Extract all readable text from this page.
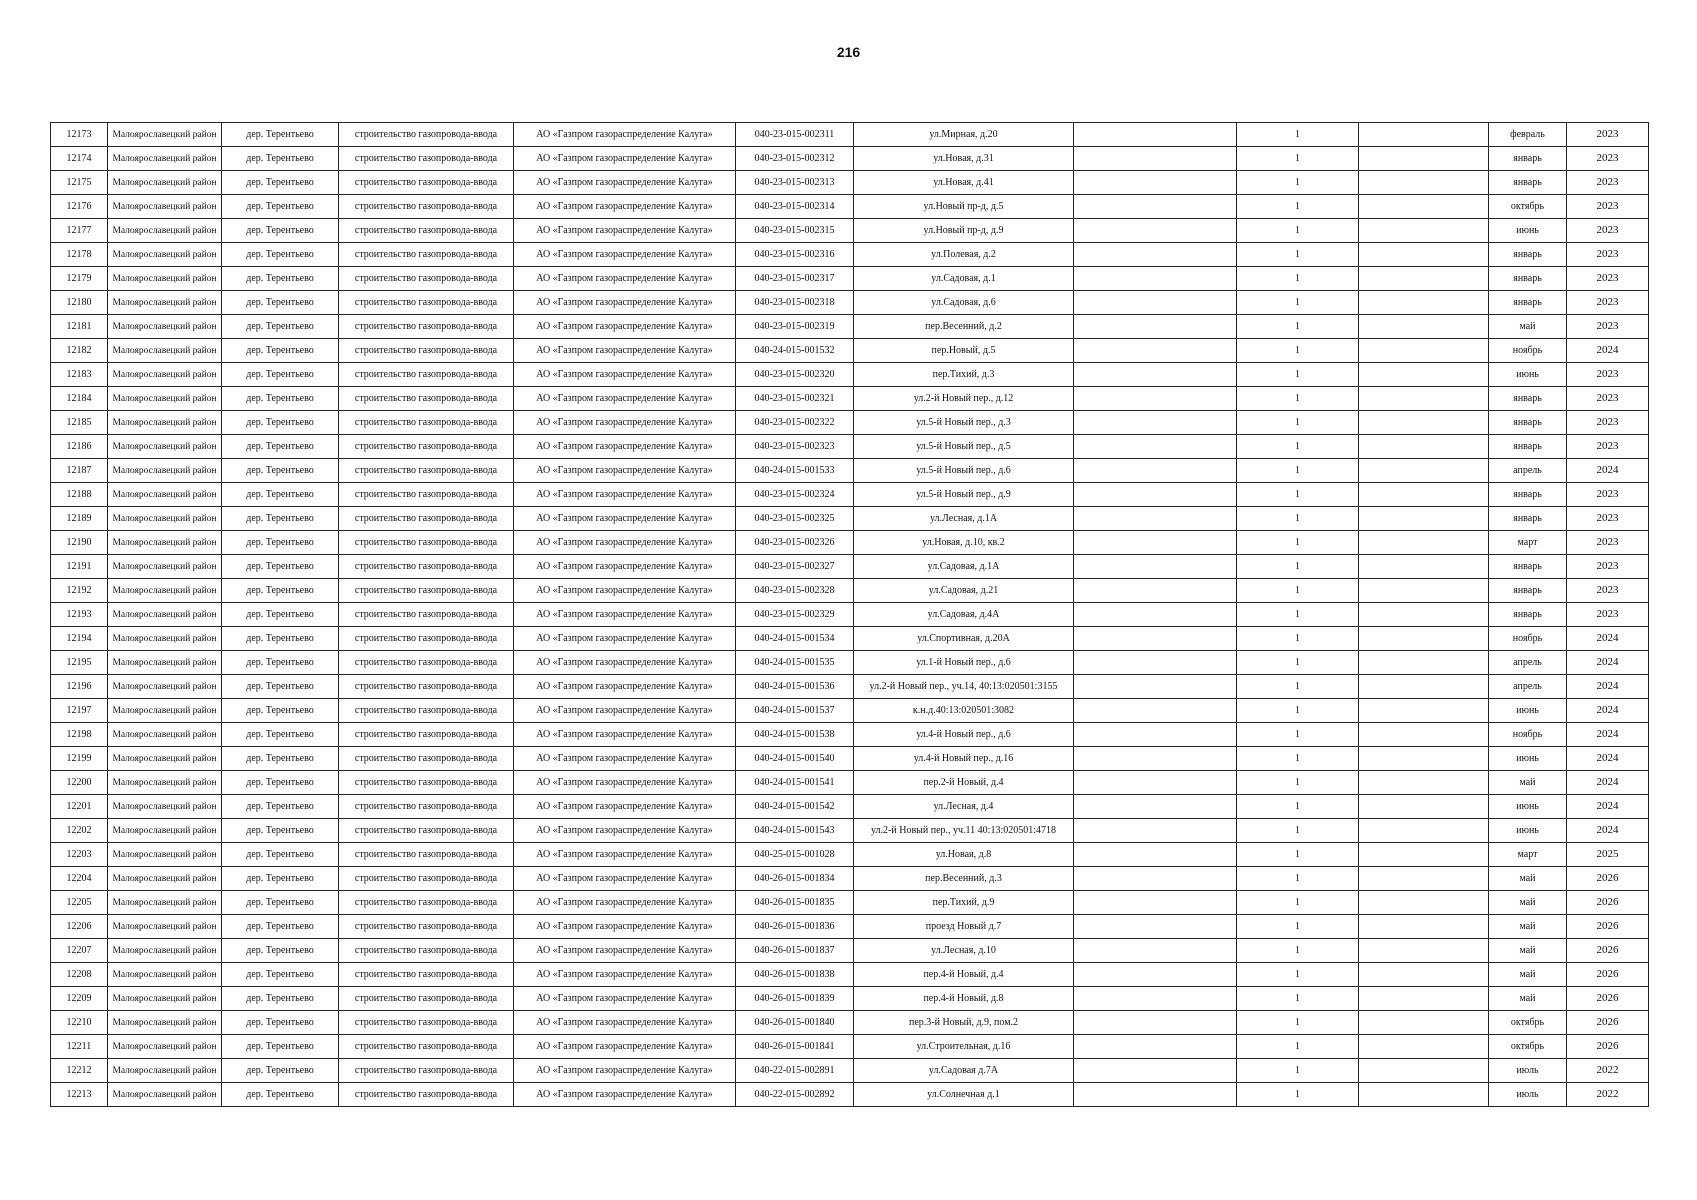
216
12173	Малоярославецкий район	дер. Терентьево	строительство газопровода-ввода	АО «Газпром газораспределение Калуга»	040-23-015-002311	ул.Мирная, д.20		1		февраль	2023
12174	Малоярославецкий район	дер. Терентьево	строительство газопровода-ввода	АО «Газпром газораспределение Калуга»	040-23-015-002312	ул.Новая, д.31		1		январь	2023
12175	Малоярославецкий район	дер. Терентьево	строительство газопровода-ввода	АО «Газпром газораспределение Калуга»	040-23-015-002313	ул.Новая, д.41		1		январь	2023
12176	Малоярославецкий район	дер. Терентьево	строительство газопровода-ввода	АО «Газпром газораспределение Калуга»	040-23-015-002314	ул.Новый пр-д, д.5		1		октябрь	2023
12177	Малоярославецкий район	дер. Терентьево	строительство газопровода-ввода	АО «Газпром газораспределение Калуга»	040-23-015-002315	ул.Новый пр-д, д.9		1		июнь	2023
12178	Малоярославецкий район	дер. Терентьево	строительство газопровода-ввода	АО «Газпром газораспределение Калуга»	040-23-015-002316	ул.Полевая, д.2		1		январь	2023
12179	Малоярославецкий район	дер. Терентьево	строительство газопровода-ввода	АО «Газпром газораспределение Калуга»	040-23-015-002317	ул.Садовая, д.1		1		январь	2023
12180	Малоярославецкий район	дер. Терентьево	строительство газопровода-ввода	АО «Газпром газораспределение Калуга»	040-23-015-002318	ул.Садовая, д.6		1		январь	2023
12181	Малоярославецкий район	дер. Терентьево	строительство газопровода-ввода	АО «Газпром газораспределение Калуга»	040-23-015-002319	пер.Весенний, д.2		1		май	2023
12182	Малоярославецкий район	дер. Терентьево	строительство газопровода-ввода	АО «Газпром газораспределение Калуга»	040-24-015-001532	пер.Новый, д.5		1		ноябрь	2024
12183	Малоярославецкий район	дер. Терентьево	строительство газопровода-ввода	АО «Газпром газораспределение Калуга»	040-23-015-002320	пер.Тихий, д.3		1		июнь	2023
12184	Малоярославецкий район	дер. Терентьево	строительство газопровода-ввода	АО «Газпром газораспределение Калуга»	040-23-015-002321	ул.2-й Новый пер., д.12		1		январь	2023
12185	Малоярославецкий район	дер. Терентьево	строительство газопровода-ввода	АО «Газпром газораспределение Калуга»	040-23-015-002322	ул.5-й Новый пер., д.3		1		январь	2023
12186	Малоярославецкий район	дер. Терентьево	строительство газопровода-ввода	АО «Газпром газораспределение Калуга»	040-23-015-002323	ул.5-й Новый пер., д.5		1		январь	2023
12187	Малоярославецкий район	дер. Терентьево	строительство газопровода-ввода	АО «Газпром газораспределение Калуга»	040-24-015-001533	ул.5-й Новый пер., д.6		1		апрель	2024
12188	Малоярославецкий район	дер. Терентьево	строительство газопровода-ввода	АО «Газпром газораспределение Калуга»	040-23-015-002324	ул.5-й Новый пер., д.9		1		январь	2023
12189	Малоярославецкий район	дер. Терентьево	строительство газопровода-ввода	АО «Газпром газораспределение Калуга»	040-23-015-002325	ул.Лесная, д.1А		1		январь	2023
12190	Малоярославецкий район	дер. Терентьево	строительство газопровода-ввода	АО «Газпром газораспределение Калуга»	040-23-015-002326	ул.Новая, д.10, кв.2		1		март	2023
12191	Малоярославецкий район	дер. Терентьево	строительство газопровода-ввода	АО «Газпром газораспределение Калуга»	040-23-015-002327	ул.Садовая, д.1А		1		январь	2023
12192	Малоярославецкий район	дер. Терентьево	строительство газопровода-ввода	АО «Газпром газораспределение Калуга»	040-23-015-002328	ул.Садовая, д.21		1		январь	2023
12193	Малоярославецкий район	дер. Терентьево	строительство газопровода-ввода	АО «Газпром газораспределение Калуга»	040-23-015-002329	ул.Садовая, д.4А		1		январь	2023
12194	Малоярославецкий район	дер. Терентьево	строительство газопровода-ввода	АО «Газпром газораспределение Калуга»	040-24-015-001534	ул.Спортивная, д.20А		1		ноябрь	2024
12195	Малоярославецкий район	дер. Терентьево	строительство газопровода-ввода	АО «Газпром газораспределение Калуга»	040-24-015-001535	ул.1-й Новый пер., д.6		1		апрель	2024
12196	Малоярославецкий район	дер. Терентьево	строительство газопровода-ввода	АО «Газпром газораспределение Калуга»	040-24-015-001536	ул.2-й Новый пер., уч.14, 40:13:020501:3155		1		апрель	2024
12197	Малоярославецкий район	дер. Терентьево	строительство газопровода-ввода	АО «Газпром газораспределение Калуга»	040-24-015-001537	к.н.д.40:13:020501:3082		1		июнь	2024
12198	Малоярославецкий район	дер. Терентьево	строительство газопровода-ввода	АО «Газпром газораспределение Калуга»	040-24-015-001538	ул.4-й Новый пер., д.6		1		ноябрь	2024
12199	Малоярославецкий район	дер. Терентьево	строительство газопровода-ввода	АО «Газпром газораспределение Калуга»	040-24-015-001540	ул.4-й Новый пер., д.16		1		июнь	2024
12200	Малоярославецкий район	дер. Терентьево	строительство газопровода-ввода	АО «Газпром газораспределение Калуга»	040-24-015-001541	пер.2-й Новый, д.4		1		май	2024
12201	Малоярославецкий район	дер. Терентьево	строительство газопровода-ввода	АО «Газпром газораспределение Калуга»	040-24-015-001542	ул.Лесная, д.4		1		июнь	2024
12202	Малоярославецкий район	дер. Терентьево	строительство газопровода-ввода	АО «Газпром газораспределение Калуга»	040-24-015-001543	ул.2-й Новый пер., уч.11 40:13:020501:4718		1		июнь	2024
12203	Малоярославецкий район	дер. Терентьево	строительство газопровода-ввода	АО «Газпром газораспределение Калуга»	040-25-015-001028	ул.Новая, д.8		1		март	2025
12204	Малоярославецкий район	дер. Терентьево	строительство газопровода-ввода	АО «Газпром газораспределение Калуга»	040-26-015-001834	пер.Весенний, д.3		1		май	2026
12205	Малоярославецкий район	дер. Терентьево	строительство газопровода-ввода	АО «Газпром газораспределение Калуга»	040-26-015-001835	пер.Тихий, д.9		1		май	2026
12206	Малоярославецкий район	дер. Терентьево	строительство газопровода-ввода	АО «Газпром газораспределение Калуга»	040-26-015-001836	проезд Новый д.7		1		май	2026
12207	Малоярославецкий район	дер. Терентьево	строительство газопровода-ввода	АО «Газпром газораспределение Калуга»	040-26-015-001837	ул.Лесная, д.10		1		май	2026
12208	Малоярославецкий район	дер. Терентьево	строительство газопровода-ввода	АО «Газпром газораспределение Калуга»	040-26-015-001838	пер.4-й Новый, д.4		1		май	2026
12209	Малоярославецкий район	дер. Терентьево	строительство газопровода-ввода	АО «Газпром газораспределение Калуга»	040-26-015-001839	пер.4-й Новый, д.8		1		май	2026
12210	Малоярославецкий район	дер. Терентьево	строительство газопровода-ввода	АО «Газпром газораспределение Калуга»	040-26-015-001840	пер.3-й Новый, д.9, пом.2		1		октябрь	2026
12211	Малоярославецкий район	дер. Терентьево	строительство газопровода-ввода	АО «Газпром газораспределение Калуга»	040-26-015-001841	ул.Строительная, д.16		1		октябрь	2026
12212	Малоярославецкий район	дер. Терентьево	строительство газопровода-ввода	АО «Газпром газораспределение Калуга»	040-22-015-002891	ул.Садовая д.7А		1		июль	2022
12213	Малоярославецкий район	дер. Терентьево	строительство газопровода-ввода	АО «Газпром газораспределение Калуга»	040-22-015-002892	ул.Солнечная д.1		1		июль	2022
